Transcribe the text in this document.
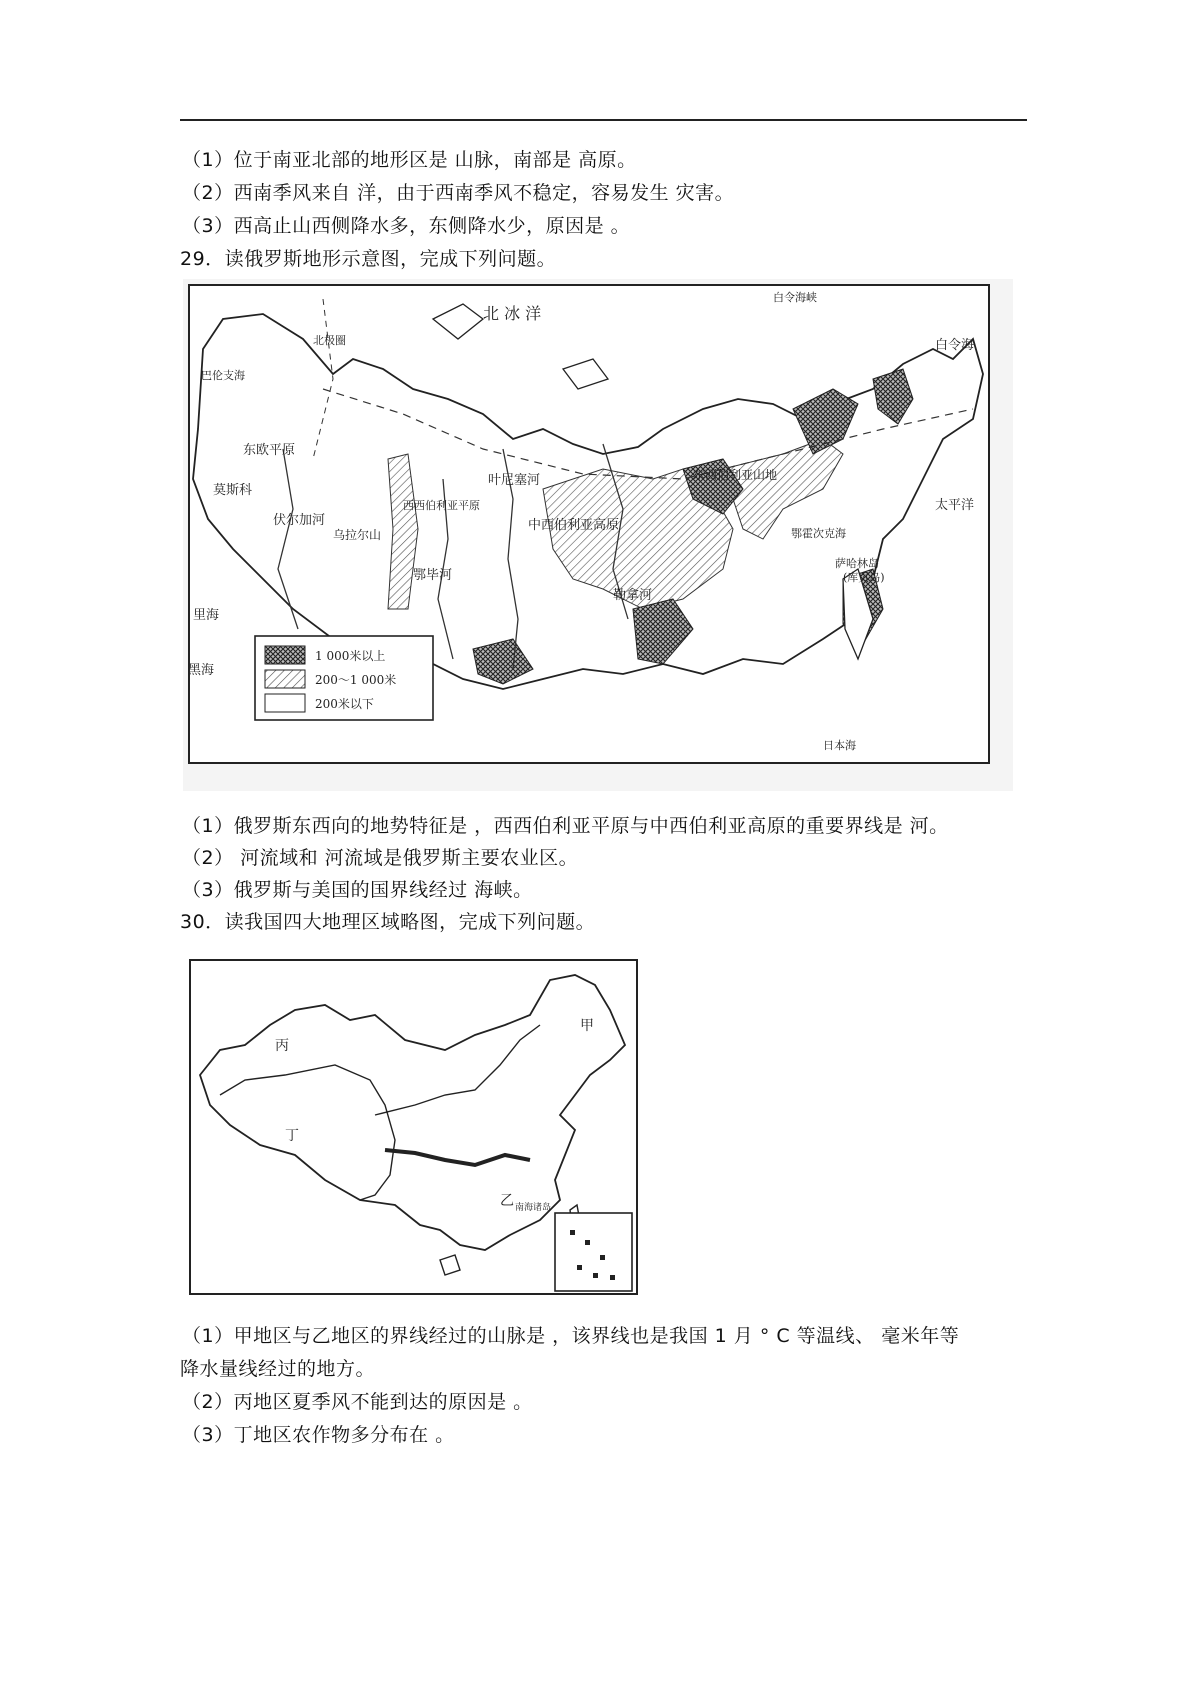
（1）位于南亚北部的地形区是 山脉，南部是 高原。
（2）西南季风来自 洋，由于西南季风不稳定，容易发生 灾害。
（3）西高止山西侧降水多，东侧降水少，原因是 。
29．读俄罗斯地形示意图，完成下列问题。
北 冰 洋
白令海峡
白令海
太平洋
鄂霍次克海
萨哈林岛
(库页岛)
日本海
巴伦支海
莫斯科
东欧平原
伏尔加河
乌拉尔山
西西伯利亚平原
叶尼塞河
鄂毕河
中西伯利亚高原
勒拿河
东西伯利亚山地
里海
黑海
北极圈
1 000米以上
200～1 000米
200米以下
（1）俄罗斯东西向的地势特征是 ，西西伯利亚平原与中西伯利亚高原的重要界线是 河。
（2） 河流域和 河流域是俄罗斯主要农业区。
（3）俄罗斯与美国的国界线经过 海峡。
30．读我国四大地理区域略图，完成下列问题。
南海诸岛
甲
乙
丙
丁
（1）甲地区与乙地区的界线经过的山脉是 ，该界线也是我国 1 月 ° C 等温线、 毫米年等
降水量线经过的地方。
（2）丙地区夏季风不能到达的原因是 。
（3）丁地区农作物多分布在 。
